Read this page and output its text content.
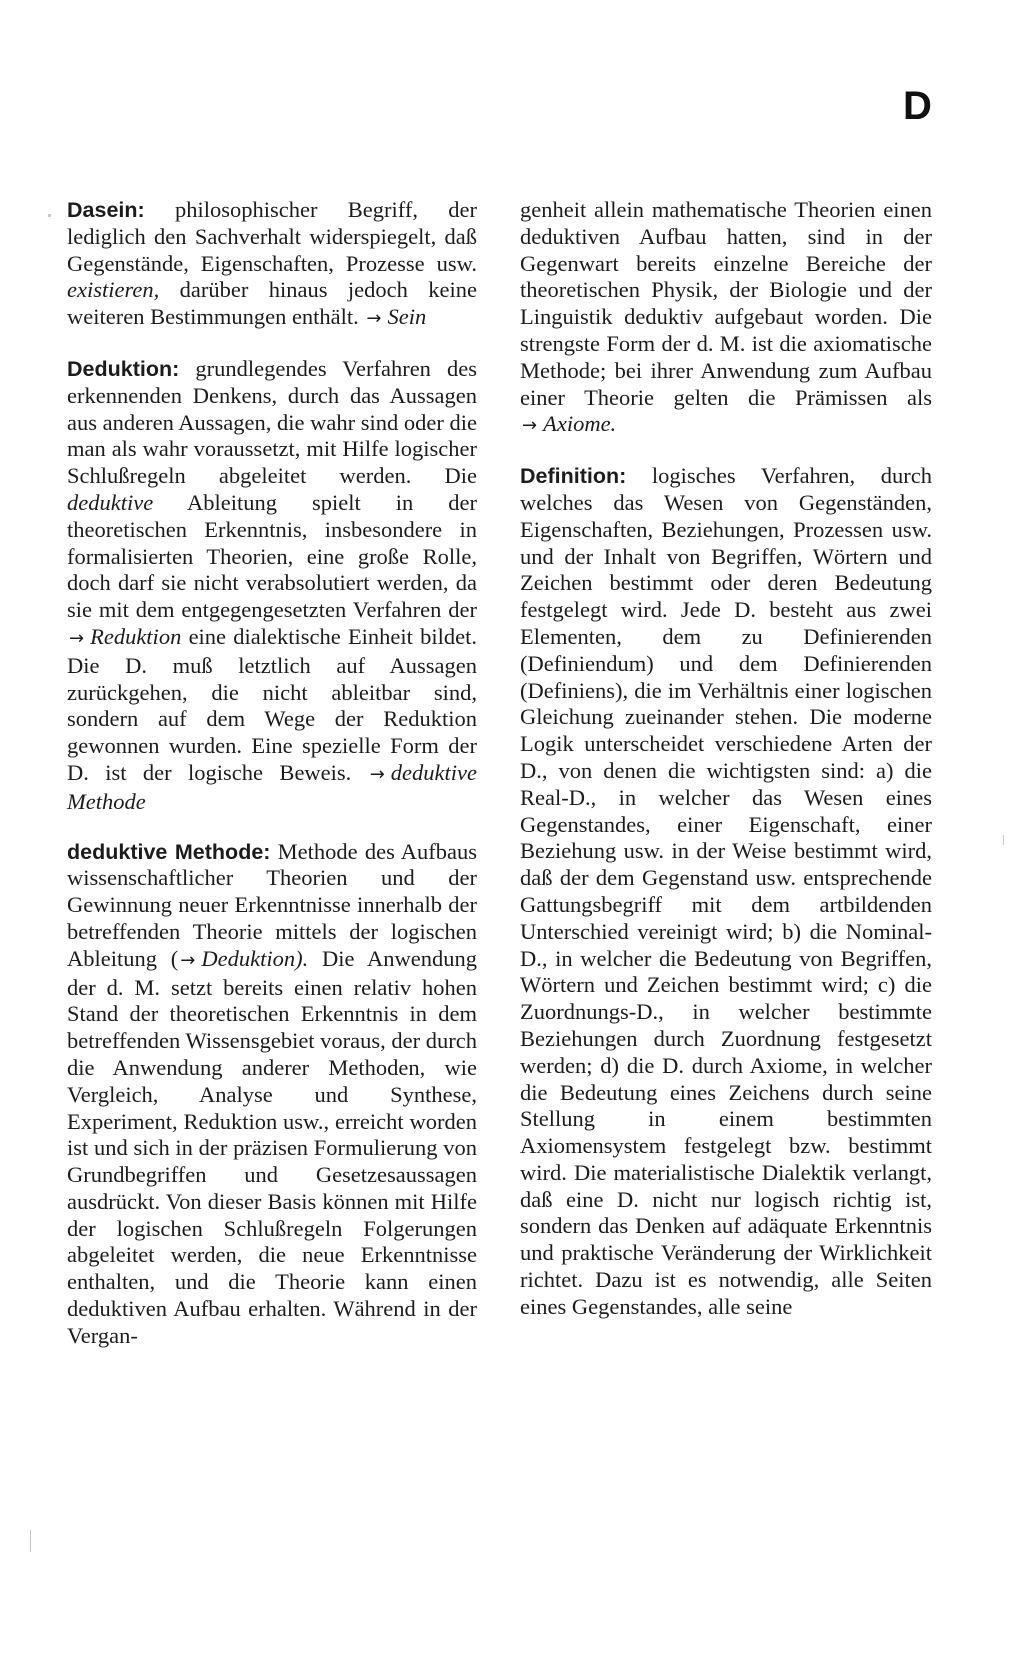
D

Dasein: philosophischer Begriff, der lediglich den Sachverhalt widerspiegelt, daß Gegenstände, Eigenschaften, Prozesse usw. existieren, darüber hinaus jedoch keine weiteren Bestimmungen enthält. → Sein

Deduktion: grundlegendes Verfahren des erkennenden Denkens, durch das Aussagen aus anderen Aussagen, die wahr sind oder die man als wahr voraussetzt, mit Hilfe logischer Schlußregeln abgeleitet werden. Die deduktive Ableitung spielt in der theoretischen Erkenntnis, insbesondere in formalisierten Theorien, eine große Rolle, doch darf sie nicht verabsolutiert werden, da sie mit dem entgegengesetzten Verfahren der → Reduktion eine dialektische Einheit bildet. Die D. muß letztlich auf Aussagen zurückgehen, die nicht ableitbar sind, sondern auf dem Wege der Reduktion gewonnen wurden. Eine spezielle Form der D. ist der logische Beweis. → deduktive Methode

deduktive Methode: Methode des Aufbaus wissenschaftlicher Theorien und der Gewinnung neuer Erkenntnisse innerhalb der betreffenden Theorie mittels der logischen Ableitung ( → Deduktion). Die Anwendung der d. M. setzt bereits einen relativ hohen Stand der theoretischen Erkenntnis in dem betreffenden Wissensgebiet voraus, der durch die Anwendung anderer Methoden, wie Vergleich, Analyse und Synthese, Experiment, Reduktion usw., erreicht worden ist und sich in der präzisen Formulierung von Grundbegriffen und Gesetzesaussagen ausdrückt. Von dieser Basis können mit Hilfe der logischen Schlußregeln Folgerungen abgeleitet werden, die neue Erkenntnisse enthalten, und die Theorie kann einen deduktiven Aufbau erhalten. Während in der Vergan-

genheit allein mathematische Theorien einen deduktiven Aufbau hatten, sind in der Gegenwart bereits einzelne Bereiche der theoretischen Physik, der Biologie und der Linguistik deduktiv aufgebaut worden. Die strengste Form der d. M. ist die axiomatische Methode; bei ihrer Anwendung zum Aufbau einer Theorie gelten die Prämissen als → Axiome.

Definition: logisches Verfahren, durch welches das Wesen von Gegenständen, Eigenschaften, Beziehungen, Prozessen usw. und der Inhalt von Begriffen, Wörtern und Zeichen bestimmt oder deren Bedeutung festgelegt wird. Jede D. besteht aus zwei Elementen, dem zu Definierenden (Definiendum) und dem Definierenden (Definiens), die im Verhältnis einer logischen Gleichung zueinander stehen. Die moderne Logik unterscheidet verschiedene Arten der D., von denen die wichtigsten sind: a) die Real-D., in welcher das Wesen eines Gegenstandes, einer Eigenschaft, einer Beziehung usw. in der Weise bestimmt wird, daß der dem Gegenstand usw. entsprechende Gattungsbegriff mit dem artbildenden Unterschied vereinigt wird; b) die Nominal-D., in welcher die Bedeutung von Begriffen, Wörtern und Zeichen bestimmt wird; c) die Zuordnungs-D., in welcher bestimmte Beziehungen durch Zuordnung festgesetzt werden; d) die D. durch Axiome, in welcher die Bedeutung eines Zeichens durch seine Stellung in einem bestimmten Axiomensystem festgelegt bzw. bestimmt wird. Die materialistische Dialektik verlangt, daß eine D. nicht nur logisch richtig ist, sondern das Denken auf adäquate Erkenntnis und praktische Veränderung der Wirklichkeit richtet. Dazu ist es notwendig, alle Seiten eines Gegenstandes, alle seine
